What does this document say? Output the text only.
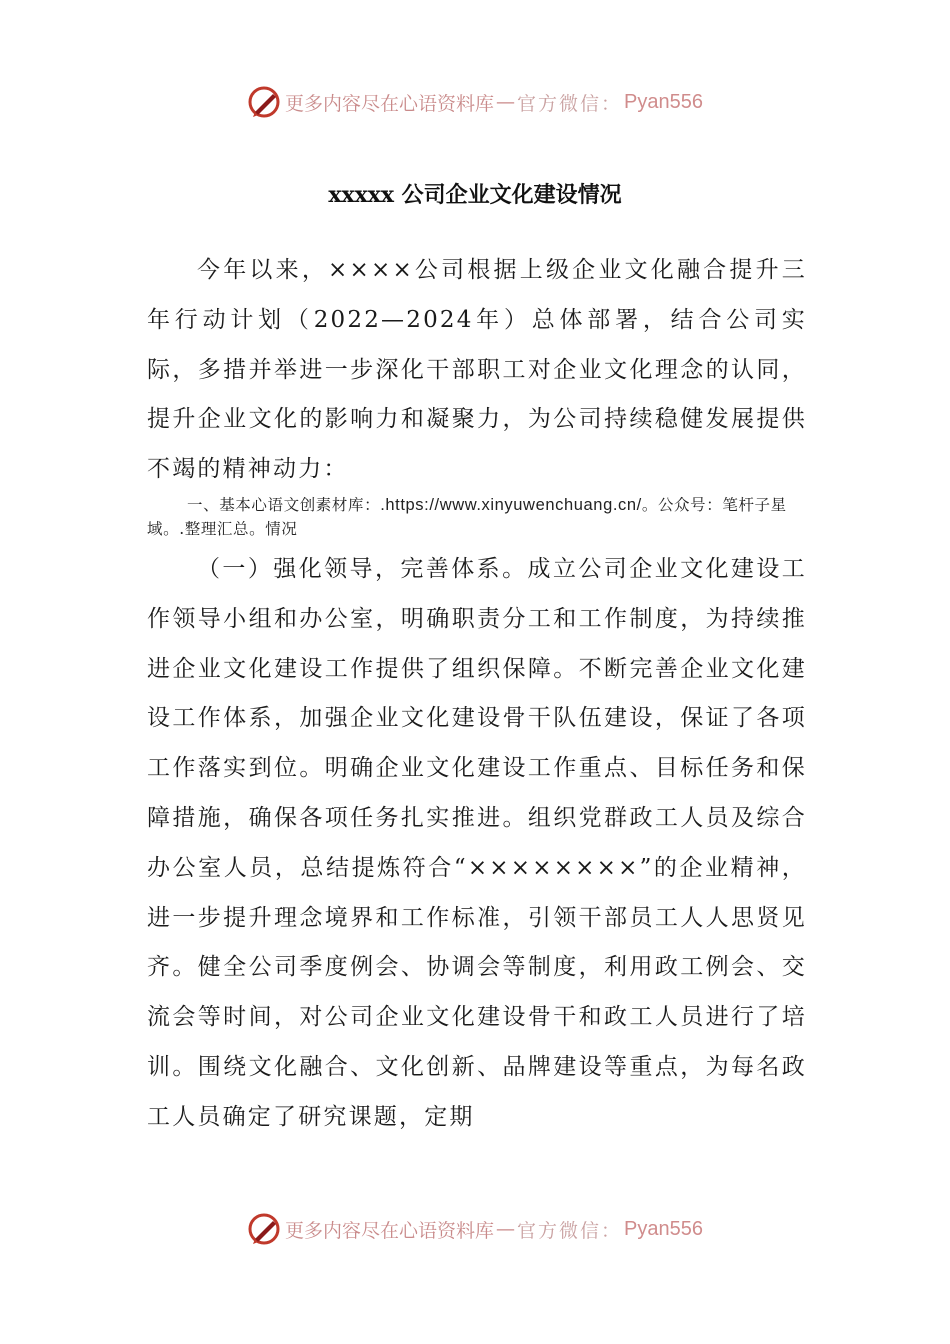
更多内容尽在心语资料库 — 官方微信： Pyan556
xxxxx 公司企业文化建设情况

今年以来，××××公司根据上级企业文化融合提升三年行动计划（2022—2024年）总体部署，结合公司实际，多措并举进一步深化干部职工对企业文化理念的认同，提升企业文化的影响力和凝聚力，为公司持续稳健发展提供不竭的精神动力：

一、基本心语文创素材库：.https://www.xinyuwenchuang.cn/。公众号：笔杆子星域。.整理汇总。情况

（一）强化领导，完善体系。成立公司企业文化建设工作领导小组和办公室，明确职责分工和工作制度，为持续推进企业文化建设工作提供了组织保障。不断完善企业文化建设工作体系，加强企业文化建设骨干队伍建设，保证了各项工作落实到位。明确企业文化建设工作重点、目标任务和保障措施，确保各项任务扎实推进。组织党群政工人员及综合办公室人员，总结提炼符合“××××××××”的企业精神，进一步提升理念境界和工作标准，引领干部员工人人思贤见齐。健全公司季度例会、协调会等制度，利用政工例会、交流会等时间，对公司企业文化建设骨干和政工人员进行了培训。围绕文化融合、文化创新、品牌建设等重点，为每名政工人员确定了研究课题，定期

更多内容尽在心语资料库 — 官方微信： Pyan556
